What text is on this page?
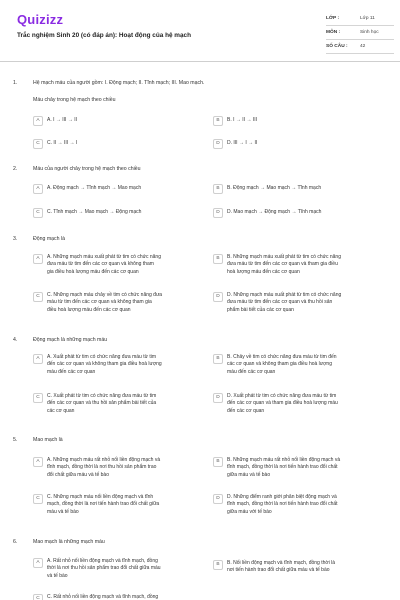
Quizizz
Trắc nghiệm Sinh 20 (có đáp án): Hoạt động của hệ mạch
LỚP :	Lớp 11
MÔN :	Sinh học
SỐ CÂU :	42
1.	Hệ mạch máu của người gồm: I. Động mạch; II. Tĩnh mạch; III. Mao mạch.
Máu chảy trong hệ mạch theo chiều
A	A. I → III → II	B	B. I → II → III
C	C. II → III → I	D	D. III → I → II
2.	Máu của người chảy trong hệ mạch theo chiều
A	A. Động mạch → Tĩnh mạch → Mao mạch	B	B. Động mạch → Mao mạch → Tĩnh mạch
C	C. Tĩnh mạch → Mao mạch → Động mạch	D	D. Mao mạch → Động mạch → Tĩnh mạch
3.	Động mạch là
A	A. Những mạch máu xuất phát từ tim có chức năng
đưa máu từ tim đến các cơ quan và không tham
gia điều hoà lượng máu đến các cơ quan
B	B. Những mạch máu xuất phát từ tim có chức năng
đưa máu từ tim đến các cơ quan và tham gia điều
hoà lượng máu đến các cơ quan
C	C. Những mạch máu chảy về tim có chức năng đưa
máu từ tim đến các cơ quan và không tham gia
điều hoà lượng máu đến các cơ quan
D	D. Những mạch máu xuất phát từ tim có chức năng
đưa máu từ tim đến các cơ quan và thu hồi sản
phẩm bài tiết của các cơ quan
4.	Động mạch là những mạch máu
A	A. Xuất phát từ tim có chức năng đưa máu từ tim
đến các cơ quan và không tham gia điều hoà lượng
máu đến các cơ quan
B	B. Chảy về tim có chức năng đưa máu từ tim đến
các cơ quan và không tham gia điều hoà lượng
máu đến các cơ quan
C	C. Xuất phát từ tim có chức năng đưa máu từ tim
đến các cơ quan và thu hồi sản phẩm bài tiết của
các cơ quan
D	D. Xuất phát từ tim có chức năng đưa máu từ tim
đến các cơ quan và tham gia điều hoà lượng máu
đến các cơ quan
5.	Mao mạch là
A	A. Những mạch máu rất nhỏ nối liền động mạch và
tĩnh mạch, đồng thời là nơi thu hồi sản phẩm trao
đổi chất giữa máu và tế bào
B	B. Những mạch máu rất nhỏ nối liền động mạch và
tĩnh mạch, đồng thời là nơi tiến hành trao đổi chất
giữa máu và tế bào
C	C. Những mạch máu nối liền động mạch và tĩnh
mạch, đồng thời là nơi tiến hành trao đổi chất giữa
máu và tế bào
D	D. Những điểm ranh giới phân biệt động mạch và
tĩnh mạch, đồng thời là nơi tiến hành trao đổi chất
giữa máu với tế bào
6.	Mao mạch là những mạch máu
A	A. Rất nhỏ nối liền động mạch và tĩnh mạch, đồng
thời là nơi thu hồi sản phẩm trao đổi chất giữa máu
và tế bào
B	B. Nối liền động mạch và tĩnh mạch, đồng thời là
nơi tiến hành trao đổi chất giữa máu và tế bào
C	C. Rất nhỏ nối liền động mạch và tĩnh mạch, đồng
